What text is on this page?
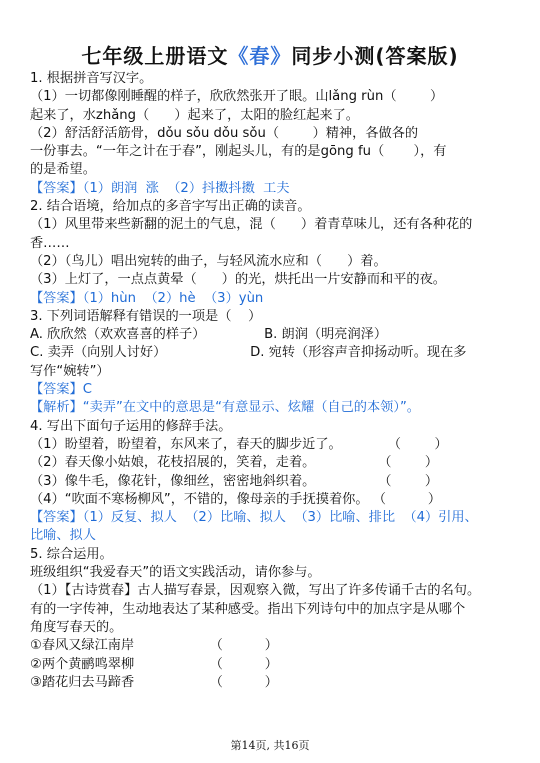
七年级上册语文《春》同步小测(答案版)
1. 根据拼音写汉字。
（1）一切都像刚睡醒的样子，欣欣然张开了眼。山lǎng rùn（        ）
起来了，水zhǎng（      ）起来了，太阳的脸红起来了。
（2）舒活舒活筋骨，dǒu sǒu dǒu sǒu（        ）精神，各做各的
一份事去。“一年之计在于春”，刚起头儿，有的是gōng fu（       ），有
的是希望。
【答案】（1）朗润  涨  （2）抖擞抖擞  工夫
2. 结合语境，给加点的多音字写出正确的读音。
（1）风里带来些新翻的泥土的气息，混（      ）着青草味儿，还有各种花的
香……
（2）（鸟儿）唱出宛转的曲子，与轻风流水应和（      ）着。
（3）上灯了，一点点黄晕（      ）的光，烘托出一片安静而和平的夜。
【答案】（1）hùn  （2）hè  （3）yùn
3. 下列词语解释有错误的一项是（    ）
A. 欣欣然（欢欢喜喜的样子）              B. 朗润（明亮润泽）
C. 卖弄（向别人讨好）                    D. 宛转（形容声音抑扬动听。现在多
写作“婉转”）
【答案】C
【解析】“卖弄”在文中的意思是“有意显示、炫耀（自己的本领）”。
4. 写出下面句子运用的修辞手法。
（1）盼望着，盼望着，东风来了，春天的脚步近了。           （        ）
（2）春天像小姑娘，花枝招展的，笑着，走着。               （        ）
（3）像牛毛，像花针，像细丝，密密地斜织着。               （        ）
（4）“吹面不寒杨柳风”，不错的，像母亲的手抚摸着你。 （          ）
【答案】（1）反复、拟人  （2）比喻、拟人  （3）比喻、排比  （4）引用、
比喻、拟人
5. 综合运用。
班级组织“我爱春天”的语文实践活动，请你参与。
（1）【古诗赏春】古人描写春景，因观察入微，写出了许多传诵千古的名句。
有的一字传神，生动地表达了某种感受。指出下列诗句中的加点字是从哪个
角度写春天的。
①春风又绿江南岸                  （          ）
②两个黄鹂鸣翠柳                  （          ）
③踏花归去马蹄香                  （          ）
第14页, 共16页
